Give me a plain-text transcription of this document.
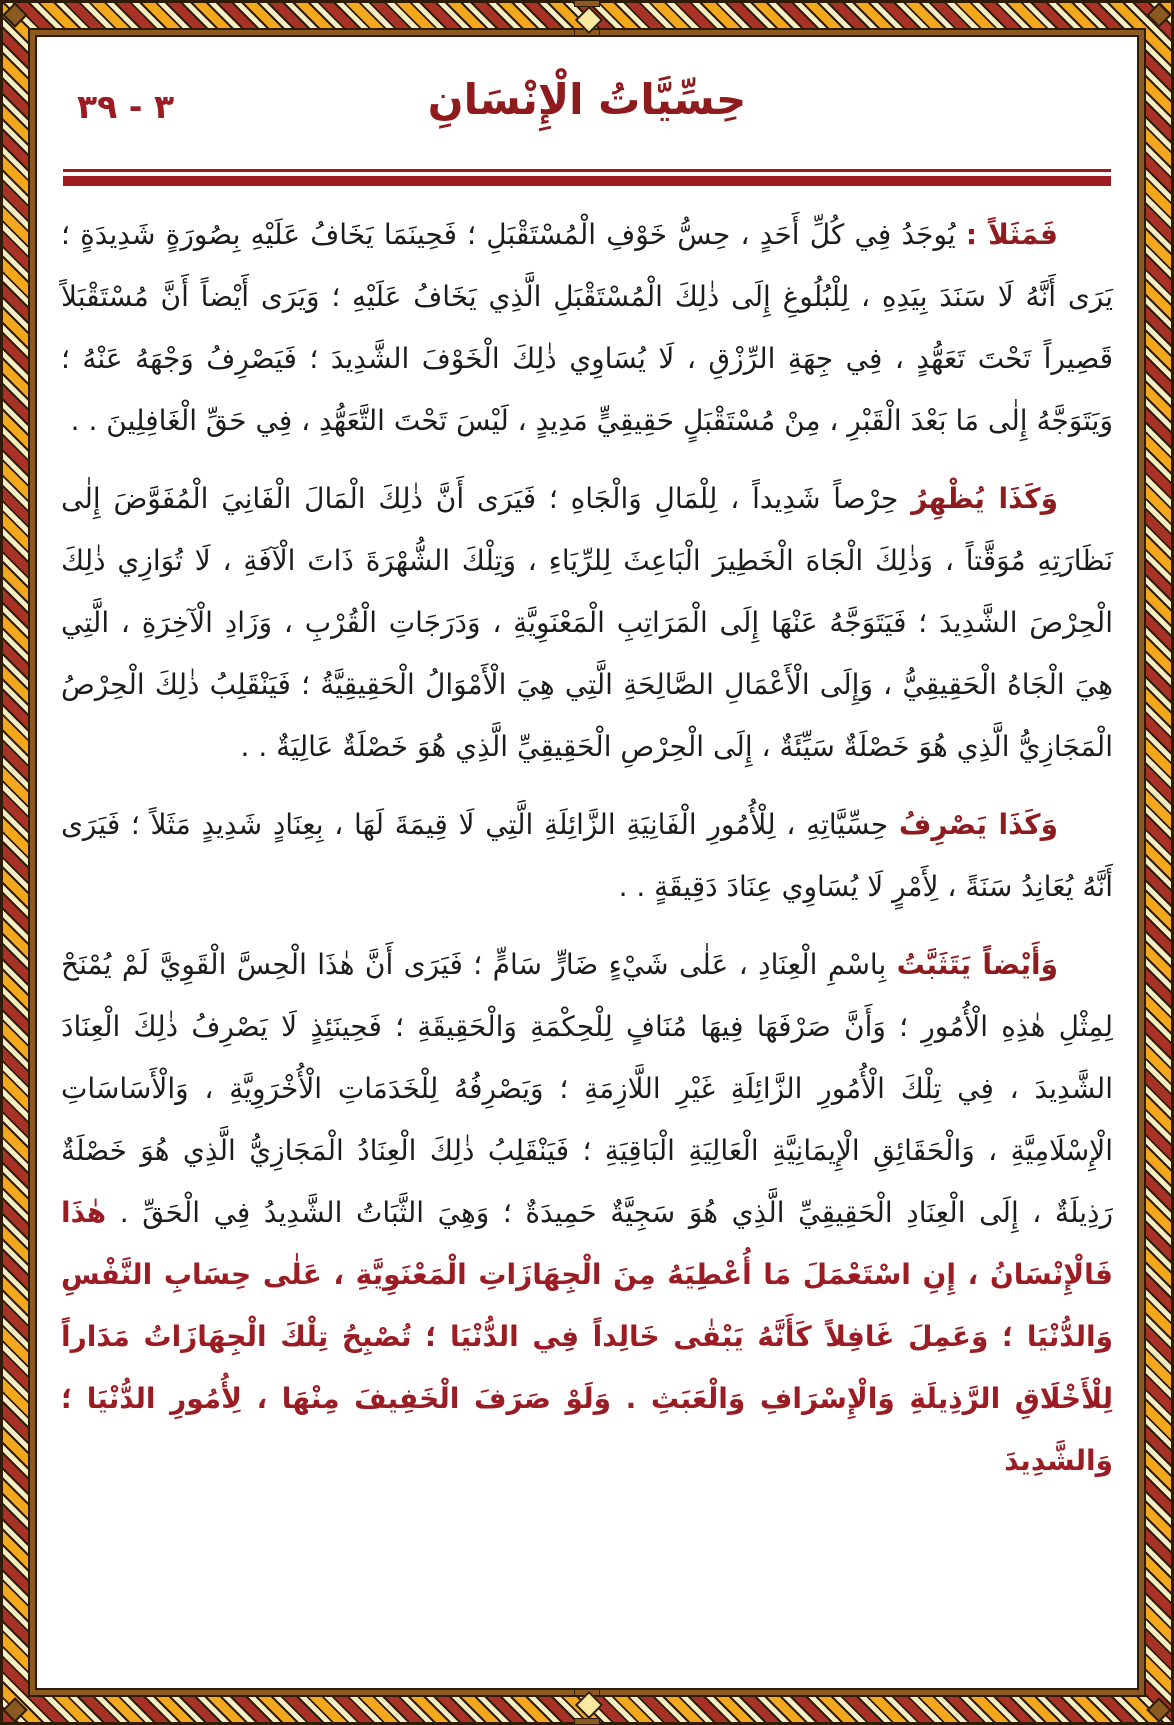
٣ - ٣٩	حِسِّيَّاتُ الْإِنْسَانِ

فَمَثَلاً : يُوجَدُ فِي كُلِّ أَحَدٍ ، حِسُّ خَوْفِ الْمُسْتَقْبَلِ ؛ فَحِينَمَا يَخَافُ عَلَيْهِ بِصُورَةٍ شَدِيدَةٍ ؛ يَرَى أَنَّهُ لَا سَنَدَ بِيَدِهِ ، لِلْبُلُوغِ إِلَى ذٰلِكَ الْمُسْتَقْبَلِ الَّذِي يَخَافُ عَلَيْهِ ؛ وَيَرَى أَيْضاً أَنَّ مُسْتَقْبَلاً قَصِيراً تَحْتَ تَعَهُّدٍ ، فِي جِهَةِ الرِّزْقِ ، لَا يُسَاوِي ذٰلِكَ الْخَوْفَ الشَّدِيدَ ؛ فَيَصْرِفُ وَجْهَهُ عَنْهُ ؛ وَيَتَوَجَّهُ إِلٰى مَا بَعْدَ الْقَبْرِ ، مِنْ مُسْتَقْبَلٍ حَقِيقِيٍّ مَدِيدٍ ، لَيْسَ تَحْتَ التَّعَهُّدِ ، فِي حَقِّ الْغَافِلِينَ . .

وَكَذَا يُظْهِرُ حِرْصاً شَدِيداً ، لِلْمَالِ وَالْجَاهِ ؛ فَيَرَى أَنَّ ذٰلِكَ الْمَالَ الْفَانِيَ الْمُفَوَّضَ إِلٰى نَظَارَتِهِ مُوَقَّتاً ، وَذٰلِكَ الْجَاهَ الْخَطِيرَ الْبَاعِثَ لِلرِّيَاءِ ، وَتِلْكَ الشُّهْرَةَ ذَاتَ الْآفَةِ ، لَا تُوَازِي ذٰلِكَ الْحِرْصَ الشَّدِيدَ ؛ فَيَتَوَجَّهُ عَنْهَا إِلَى الْمَرَاتِبِ الْمَعْنَوِيَّةِ ، وَدَرَجَاتِ الْقُرْبِ ، وَزَادِ الْآخِرَةِ ، الَّتِي هِيَ الْجَاهُ الْحَقِيقِيُّ ، وَإِلَى الْأَعْمَالِ الصَّالِحَةِ الَّتِي هِيَ الْأَمْوَالُ الْحَقِيقِيَّةُ ؛ فَيَنْقَلِبُ ذٰلِكَ الْحِرْصُ الْمَجَازِيُّ الَّذِي هُوَ خَصْلَةٌ سَيِّئَةٌ ، إِلَى الْحِرْصِ الْحَقِيقِيِّ الَّذِي هُوَ خَصْلَةٌ عَالِيَةٌ . .

وَكَذَا يَصْرِفُ حِسِّيَّاتِهِ ، لِلْأُمُورِ الْفَانِيَةِ الزَّائِلَةِ الَّتِي لَا قِيمَةَ لَهَا ، بِعِنَادٍ شَدِيدٍ مَثَلاً ؛ فَيَرَى أَنَّهُ يُعَانِدُ سَنَةً ، لِأَمْرٍ لَا يُسَاوِي عِنَادَ دَقِيقَةٍ . .

وَأَيْضاً يَتَثَبَّتُ بِاسْمِ الْعِنَادِ ، عَلٰى شَيْءٍ ضَارٍّ سَامٍّ ؛ فَيَرَى أَنَّ هٰذَا الْحِسَّ الْقَوِيَّ لَمْ يُمْنَحْ لِمِثْلِ هٰذِهِ الْأُمُورِ ؛ وَأَنَّ صَرْفَهَا فِيهَا مُنَافٍ لِلْحِكْمَةِ وَالْحَقِيقَةِ ؛ فَحِينَئِذٍ لَا يَصْرِفُ ذٰلِكَ الْعِنَادَ الشَّدِيدَ ، فِي تِلْكَ الْأُمُورِ الزَّائِلَةِ غَيْرِ اللَّازِمَةِ ؛ وَيَصْرِفُهُ لِلْخَدَمَاتِ الْأُخْرَوِيَّةِ ، وَالْأَسَاسَاتِ الْإِسْلَامِيَّةِ ، وَالْحَقَائِقِ الْإِيمَانِيَّةِ الْعَالِيَةِ الْبَاقِيَةِ ؛ فَيَنْقَلِبُ ذٰلِكَ الْعِنَادُ الْمَجَازِيُّ الَّذِي هُوَ خَصْلَةٌ رَذِيلَةٌ ، إِلَى الْعِنَادِ الْحَقِيقِيِّ الَّذِي هُوَ سَجِيَّةٌ حَمِيدَةٌ ؛ وَهِيَ الثَّبَاتُ الشَّدِيدُ فِي الْحَقِّ . هٰذَا فَالْإِنْسَانُ ، إِنِ اسْتَعْمَلَ مَا أُعْطِيَهُ مِنَ الْجِهَازَاتِ الْمَعْنَوِيَّةِ ، عَلٰى حِسَابِ النَّفْسِ وَالدُّنْيَا ؛ وَعَمِلَ غَافِلاً كَأَنَّهُ يَبْقٰى خَالِداً فِي الدُّنْيَا ؛ تُصْبِحُ تِلْكَ الْجِهَازَاتُ مَدَاراً لِلْأَخْلَاقِ الرَّذِيلَةِ وَالْإِسْرَافِ وَالْعَبَثِ . وَلَوْ صَرَفَ الْخَفِيفَ مِنْهَا ، لِأُمُورِ الدُّنْيَا ؛ وَالشَّدِيدَ
